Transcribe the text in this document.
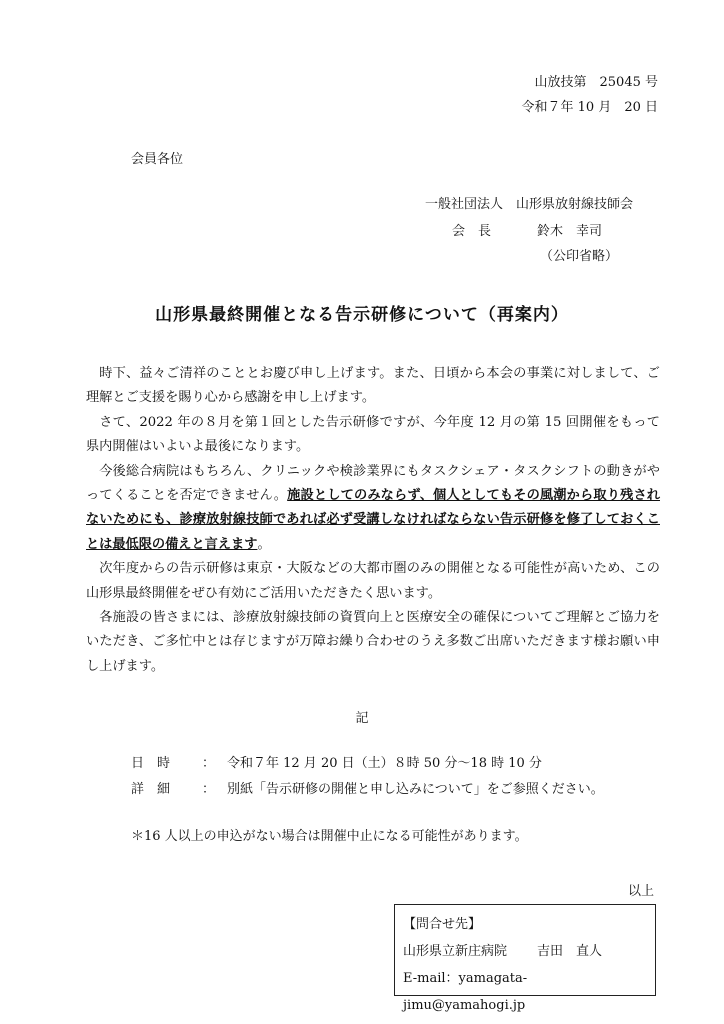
山放技第　25045 号
令和７年 10 月　20 日
会員各位
一般社団法人　山形県放射線技師会
会　長	鈴木　幸司
（公印省略）
山形県最終開催となる告示研修について（再案内）

時下、益々ご清祥のこととお慶び申し上げます。また、日頃から本会の事業に対しまして、ご理解とご支援を賜り心から感謝を申し上げます。

さて、2022 年の８月を第１回とした告示研修ですが、今年度 12 月の第 15 回開催をもって県内開催はいよいよ最後になります。

今後総合病院はもちろん、クリニックや検診業界にもタスクシェア・タスクシフトの動きがやってくることを否定できません。施設としてのみならず、個人としてもその風潮から取り残されないためにも、診療放射線技師であれば必ず受講しなければならない告示研修を修了しておくことは最低限の備えと言えます。

次年度からの告示研修は東京・大阪などの大都市圏のみの開催となる可能性が高いため、この山形県最終開催をぜひ有効にご活用いただきたく思います。

各施設の皆さまには、診療放射線技師の資質向上と医療安全の確保についてご理解とご協力をいただき、ご多忙中とは存じますが万障お繰り合わせのうえ多数ご出席いただきます様お願い申し上げます。

記
日　時 ： 令和７年 12 月 20 日（土）８時 50 分～18 時 10 分
詳　細 ： 別紙「告示研修の開催と申し込みについて」をご参照ください。
＊16 人以上の申込がない場合は開催中止になる可能性があります。
以上
【問合せ先】
山形県立新庄病院 吉田　直人
E-mail：yamagata-jimu@yamahogi.jp
